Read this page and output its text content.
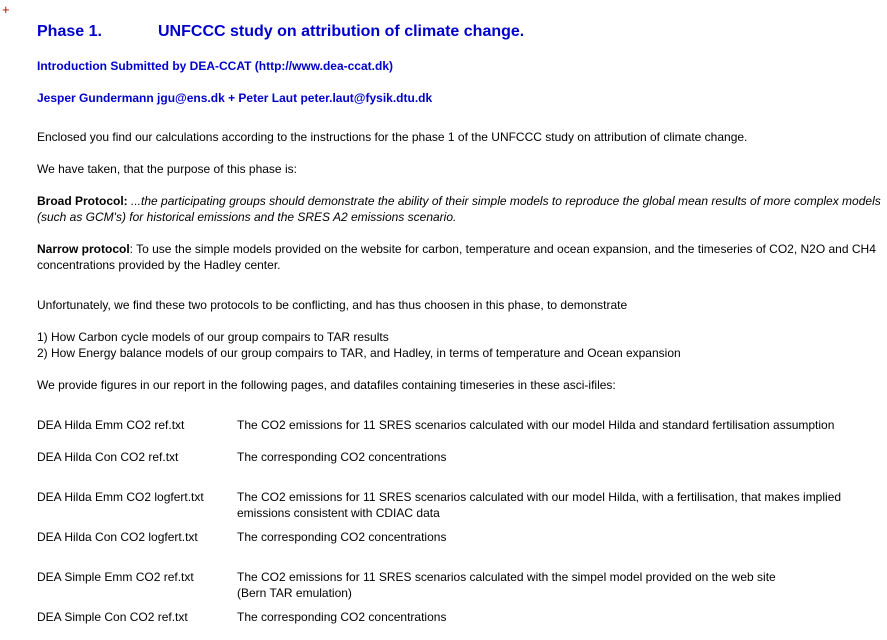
+
Phase 1.	UNFCCC study on attribution of climate change.
Introduction Submitted by DEA-CCAT (http://www.dea-ccat.dk)
Jesper Gundermann jgu@ens.dk + Peter Laut peter.laut@fysik.dtu.dk
Enclosed you find our calculations according to the instructions for the phase 1 of the UNFCCC study on attribution of climate change.
We have taken, that the purpose of this phase is:
Broad Protocol: ...the participating groups should demonstrate the ability of their simple models to reproduce the global mean results of more complex models (such as GCM's) for historical emissions and the SRES A2 emissions scenario.
Narrow protocol: To use the simple models provided on the website for carbon, temperature and ocean expansion, and the timeseries of CO2, N2O and CH4 concentrations provided by the Hadley center.
Unfortunately, we find these two protocols to be conflicting, and has thus choosen in this phase, to demonstrate
1) How Carbon cycle models of our group compairs to TAR results
2) How Energy balance models of our group compairs to TAR, and Hadley, in terms of temperature and Ocean expansion
We provide figures in our report in the following pages, and datafiles containing timeseries in these asci-ifiles:
DEA Hilda Emm CO2 ref.txt	The CO2 emissions for 11 SRES scenarios calculated with our model Hilda and standard fertilisation assumption
DEA Hilda Con CO2 ref.txt	The corresponding CO2 concentrations
DEA Hilda Emm CO2 logfert.txt	The CO2 emissions for 11 SRES scenarios calculated with our model Hilda, with a fertilisation, that makes implied emissions consistent with CDIAC data
DEA Hilda Con CO2 logfert.txt	The corresponding CO2 concentrations
DEA Simple Emm CO2 ref.txt	The CO2 emissions for 11 SRES scenarios calculated with the simpel model provided on the web site (Bern TAR emulation)
DEA Simple Con CO2 ref.txt	The corresponding CO2 concentrations
